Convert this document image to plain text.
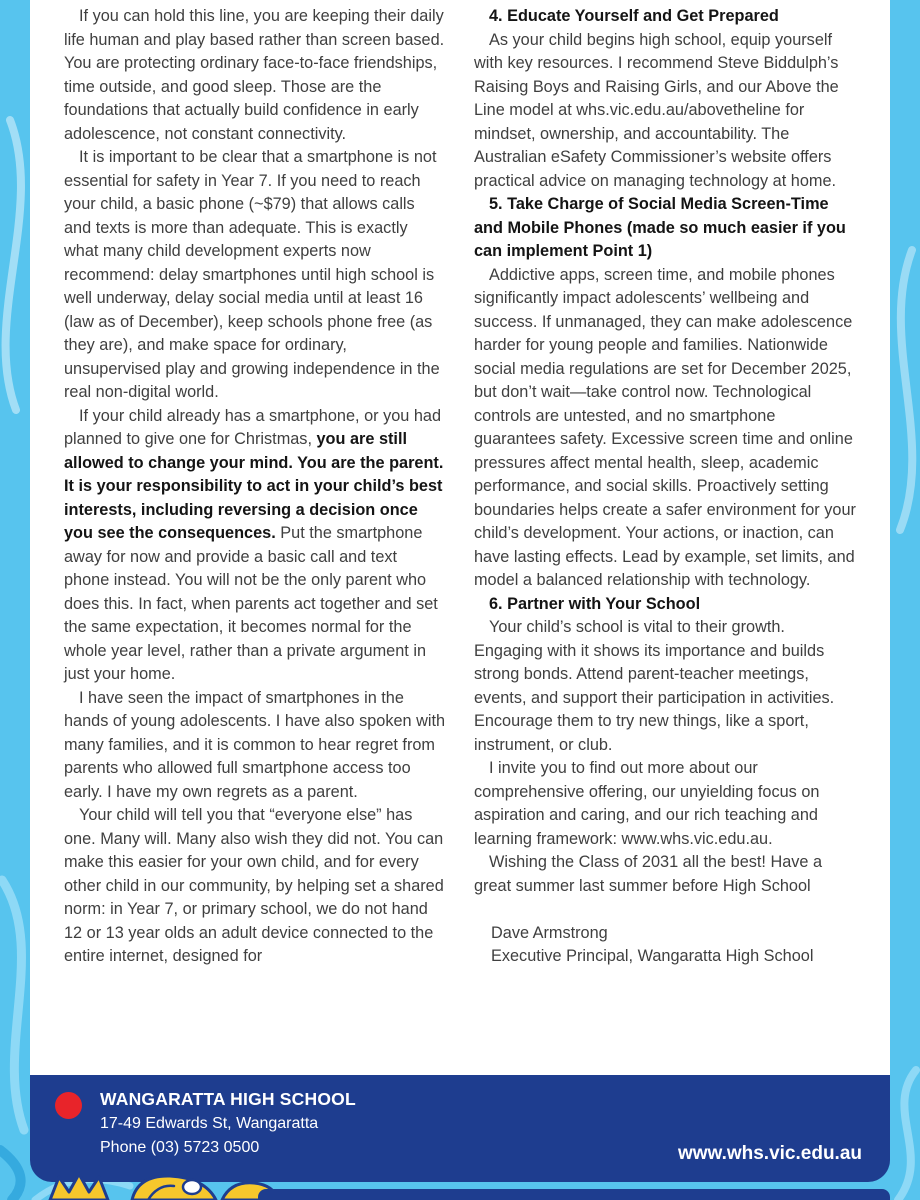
If you can hold this line, you are keeping their daily life human and play based rather than screen based. You are protecting ordinary face-to-face friendships, time outside, and good sleep. Those are the foundations that actually build confidence in early adolescence, not constant connectivity.

It is important to be clear that a smartphone is not essential for safety in Year 7. If you need to reach your child, a basic phone (~$79) that allows calls and texts is more than adequate. This is exactly what many child development experts now recommend: delay smartphones until high school is well underway, delay social media until at least 16 (law as of December), keep schools phone free (as they are), and make space for ordinary, unsupervised play and growing independence in the real non-digital world.

If your child already has a smartphone, or you had planned to give one for Christmas, you are still allowed to change your mind. You are the parent. It is your responsibility to act in your child’s best interests, including reversing a decision once you see the consequences. Put the smartphone away for now and provide a basic call and text phone instead. You will not be the only parent who does this. In fact, when parents act together and set the same expectation, it becomes normal for the whole year level, rather than a private argument in just your home.

I have seen the impact of smartphones in the hands of young adolescents. I have also spoken with many families, and it is common to hear regret from parents who allowed full smartphone access too early. I have my own regrets as a parent.

Your child will tell you that “everyone else” has one. Many will. Many also wish they did not. You can make this easier for your own child, and for every other child in our community, by helping set a shared norm: in Year 7, or primary school, we do not hand 12 or 13 year olds an adult device connected to the entire internet, designed for

4. Educate Yourself and Get Prepared

As your child begins high school, equip yourself with key resources. I recommend Steve Biddulph’s Raising Boys and Raising Girls, and our Above the Line model at whs.vic.edu.au/abovetheline for mindset, ownership, and accountability. The Australian eSafety Commissioner’s website offers practical advice on managing technology at home.

5. Take Charge of Social Media Screen-Time and Mobile Phones (made so much easier if you can implement Point 1)

Addictive apps, screen time, and mobile phones significantly impact adolescents’ wellbeing and success. If unmanaged, they can make adolescence harder for young people and families. Nationwide social media regulations are set for December 2025, but don’t wait—take control now. Technological controls are untested, and no smartphone guarantees safety. Excessive screen time and online pressures affect mental health, sleep, academic performance, and social skills. Proactively setting boundaries helps create a safer environment for your child’s development. Your actions, or inaction, can have lasting effects. Lead by example, set limits, and model a balanced relationship with technology.

6. Partner with Your School

Your child’s school is vital to their growth. Engaging with it shows its importance and builds strong bonds. Attend parent-teacher meetings, events, and support their participation in activities. Encourage them to try new things, like a sport, instrument, or club.

I invite you to find out more about our comprehensive offering, our unyielding focus on aspiration and caring, and our rich teaching and learning framework: www.whs.vic.edu.au.

Wishing the Class of 2031 all the best! Have a great summer last summer before High School

Dave Armstrong
Executive Principal, Wangaratta High School
WANGARATTA HIGH SCHOOL
17-49 Edwards St, Wangaratta
Phone (03) 5723 0500	www.whs.vic.edu.au
